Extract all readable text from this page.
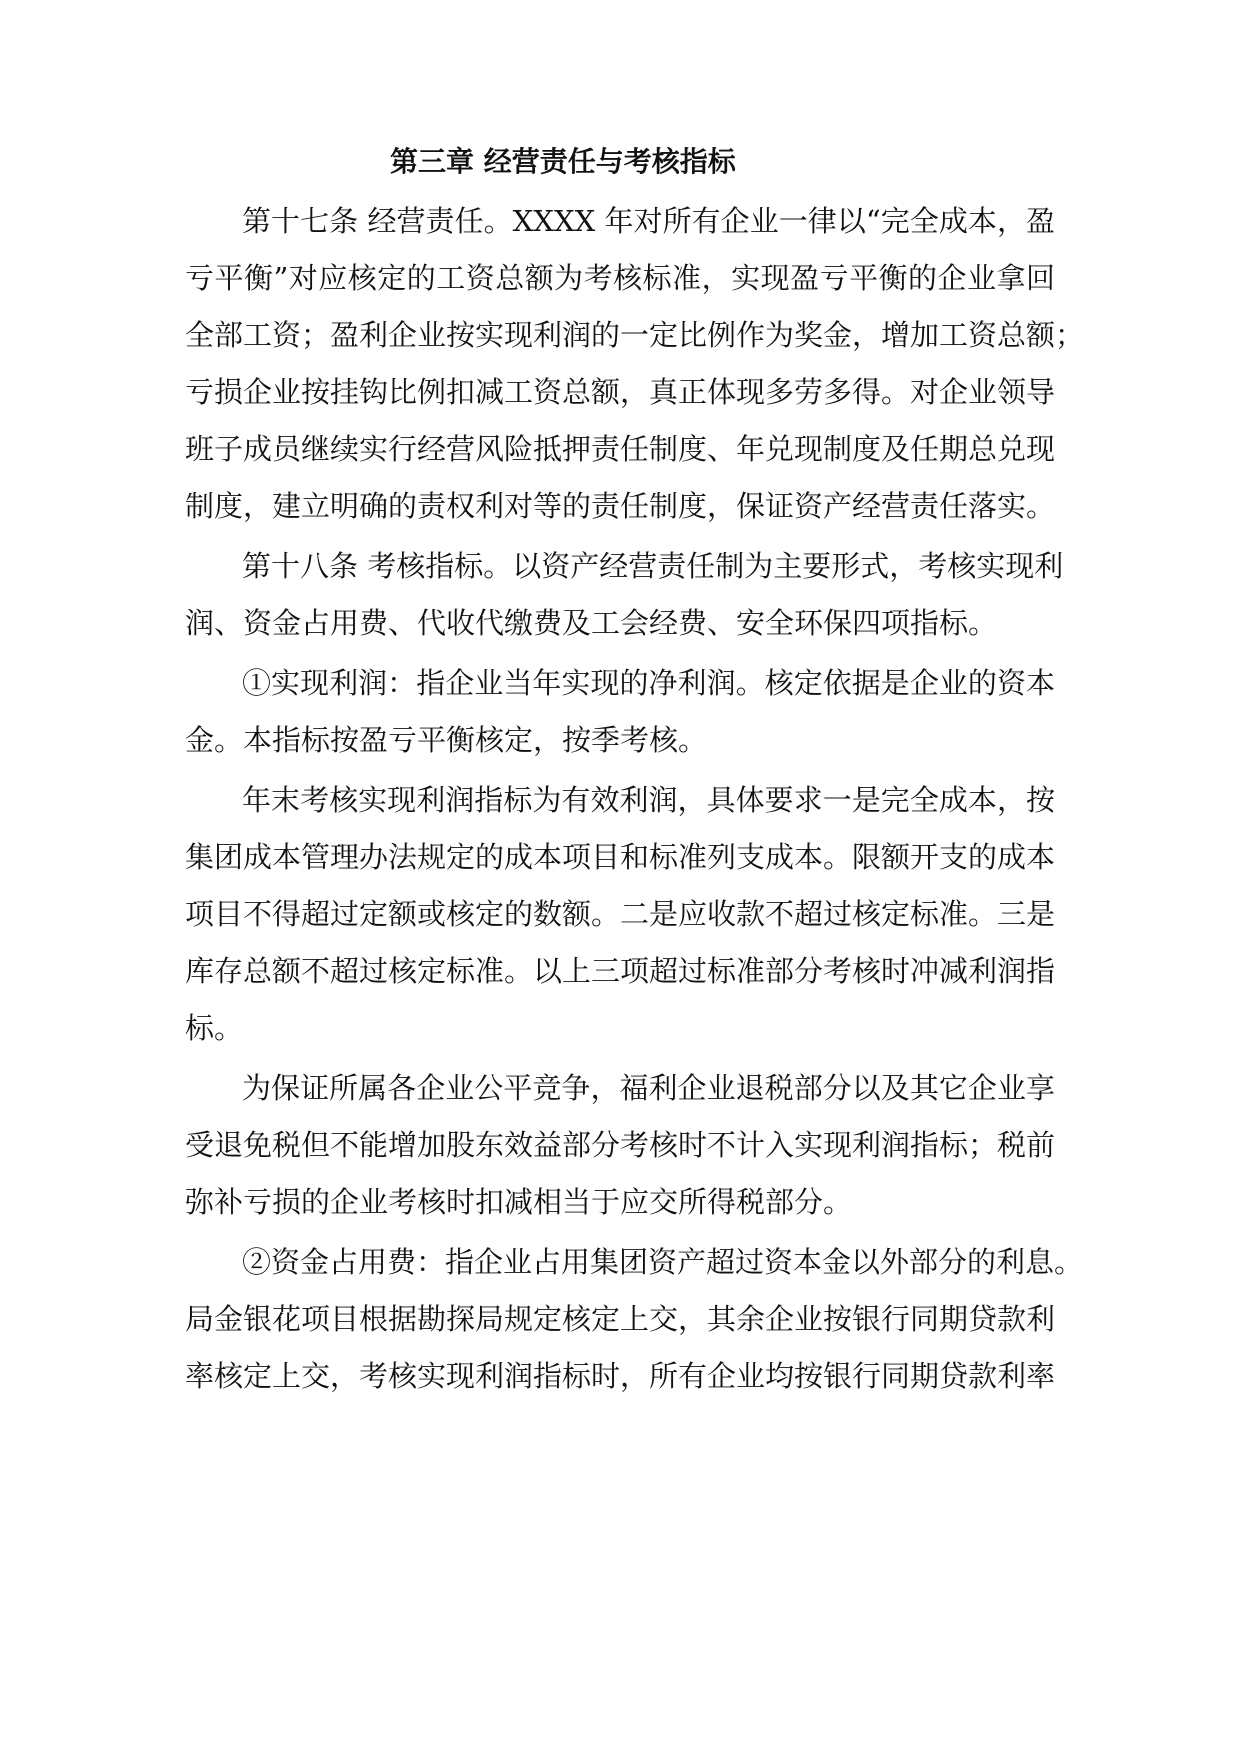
第三章 经营责任与考核指标
第十七条 经营责任。XXXX 年对所有企业一律以“完全成本，盈
亏平衡”对应核定的工资总额为考核标准，实现盈亏平衡的企业拿回
全部工资；盈利企业按实现利润的一定比例作为奖金，增加工资总额；
亏损企业按挂钩比例扣减工资总额，真正体现多劳多得。对企业领导
班子成员继续实行经营风险抵押责任制度、年兑现制度及任期总兑现
制度，建立明确的责权利对等的责任制度，保证资产经营责任落实。
第十八条 考核指标。以资产经营责任制为主要形式，考核实现利
润、资金占用费、代收代缴费及工会经费、安全环保四项指标。
①实现利润：指企业当年实现的净利润。核定依据是企业的资本
金。本指标按盈亏平衡核定，按季考核。
年末考核实现利润指标为有效利润，具体要求一是完全成本，按
集团成本管理办法规定的成本项目和标准列支成本。限额开支的成本
项目不得超过定额或核定的数额。二是应收款不超过核定标准。三是
库存总额不超过核定标准。以上三项超过标准部分考核时冲减利润指
标。
为保证所属各企业公平竞争，福利企业退税部分以及其它企业享
受退免税但不能增加股东效益部分考核时不计入实现利润指标；税前
弥补亏损的企业考核时扣减相当于应交所得税部分。
②资金占用费：指企业占用集团资产超过资本金以外部分的利息。
局金银花项目根据勘探局规定核定上交，其余企业按银行同期贷款利
率核定上交，考核实现利润指标时，所有企业均按银行同期贷款利率
